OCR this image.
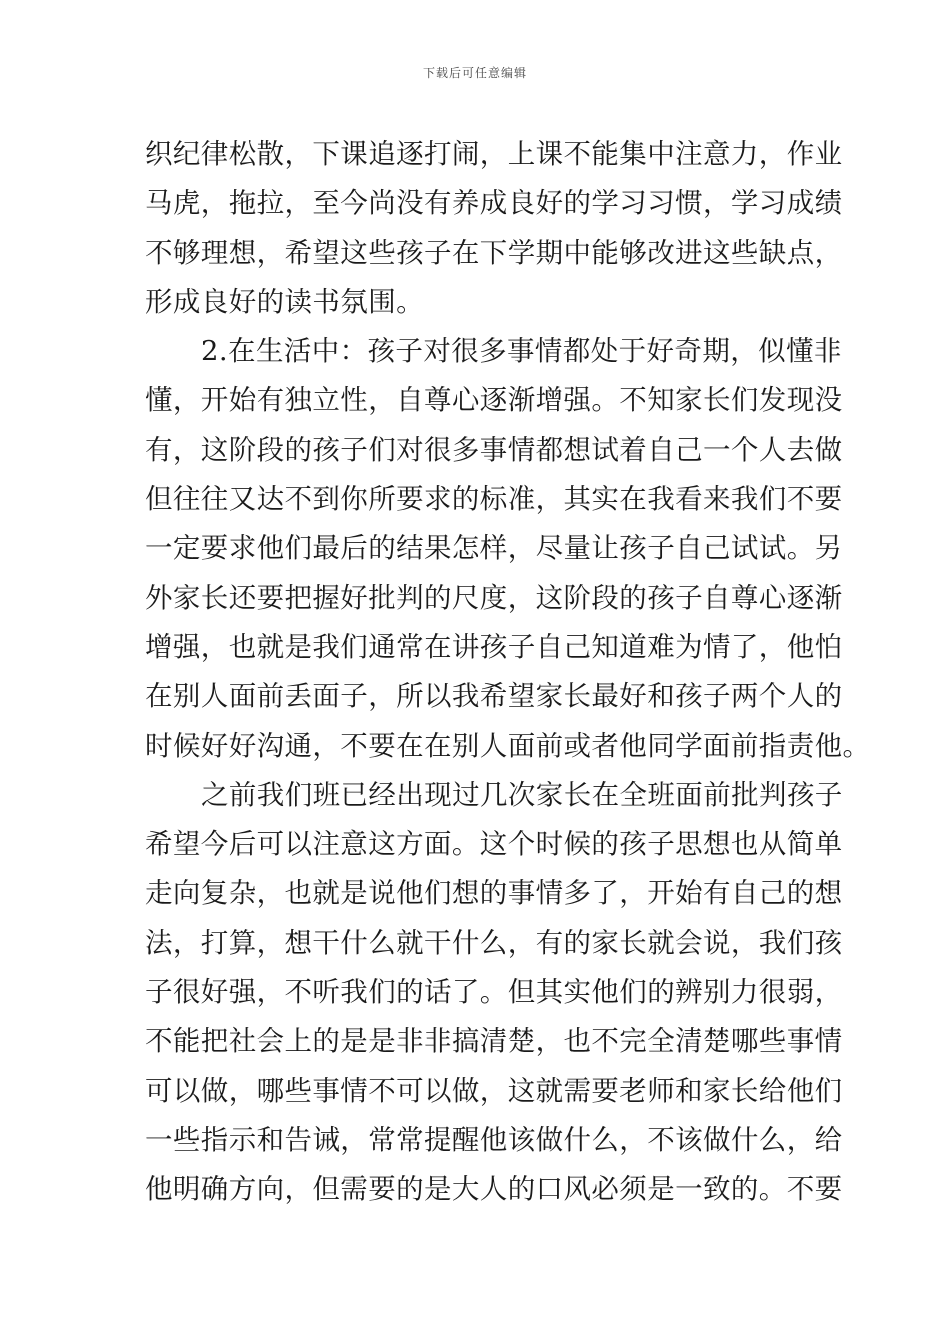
下载后可任意编辑
织纪律松散，下课追逐打闹，上课不能集中注意力，作业
马虎，拖拉，至今尚没有养成良好的学习习惯，学习成绩
不够理想，希望这些孩子在下学期中能够改进这些缺点，
形成良好的读书氛围。
2.在生活中：孩子对很多事情都处于好奇期，似懂非
懂，开始有独立性，自尊心逐渐增强。不知家长们发现没
有，这阶段的孩子们对很多事情都想试着自己一个人去做
但往往又达不到你所要求的标准，其实在我看来我们不要
一定要求他们最后的结果怎样，尽量让孩子自己试试。另
外家长还要把握好批判的尺度，这阶段的孩子自尊心逐渐
增强，也就是我们通常在讲孩子自己知道难为情了，他怕
在别人面前丢面子，所以我希望家长最好和孩子两个人的
时候好好沟通，不要在在别人面前或者他同学面前指责他。
之前我们班已经出现过几次家长在全班面前批判孩子
希望今后可以注意这方面。这个时候的孩子思想也从简单
走向复杂，也就是说他们想的事情多了，开始有自己的想
法，打算，想干什么就干什么，有的家长就会说，我们孩
子很好强，不听我们的话了。但其实他们的辨别力很弱，
不能把社会上的是是非非搞清楚，也不完全清楚哪些事情
可以做，哪些事情不可以做，这就需要老师和家长给他们
一些指示和告诫，常常提醒他该做什么，不该做什么，给
他明确方向，但需要的是大人的口风必须是一致的。不要
